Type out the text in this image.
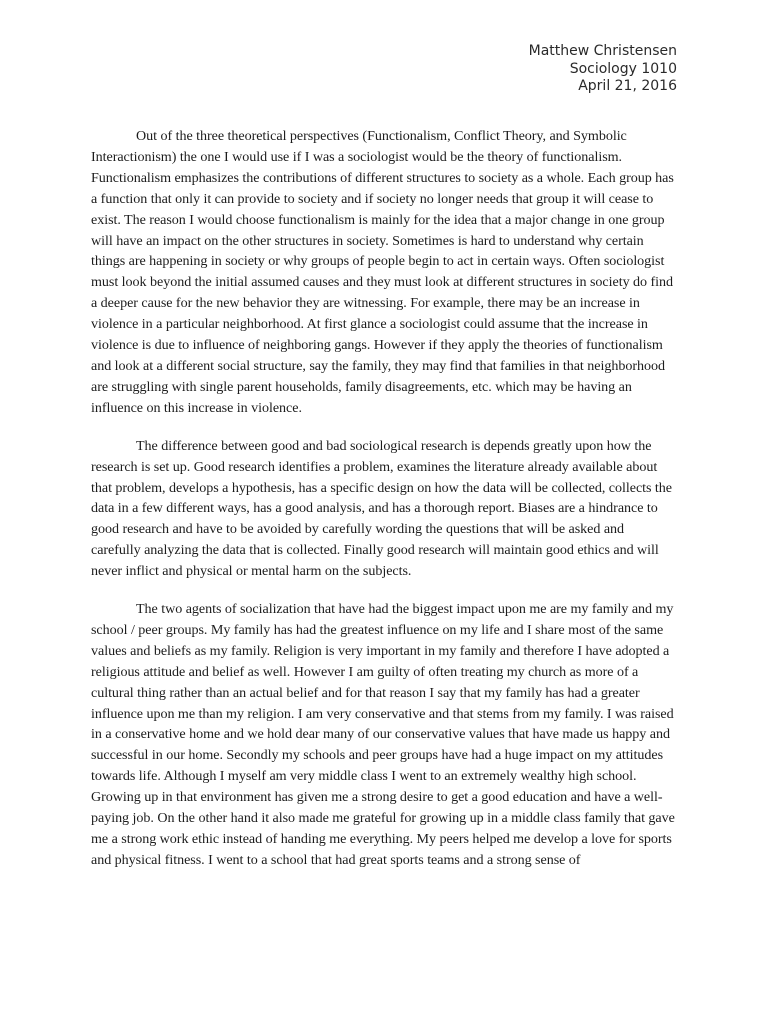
Matthew Christensen
Sociology 1010
April 21, 2016

Out of the three theoretical perspectives (Functionalism, Conflict Theory, and Symbolic Interactionism) the one I would use if I was a sociologist would be the theory of functionalism. Functionalism emphasizes the contributions of different structures to society as a whole. Each group has a function that only it can provide to society and if society no longer needs that group it will cease to exist. The reason I would choose functionalism is mainly for the idea that a major change in one group will have an impact on the other structures in society. Sometimes is hard to understand why certain things are happening in society or why groups of people begin to act in certain ways. Often sociologist must look beyond the initial assumed causes and they must look at different structures in society do find a deeper cause for the new behavior they are witnessing. For example, there may be an increase in violence in a particular neighborhood. At first glance a sociologist could assume that the increase in violence is due to influence of neighboring gangs. However if they apply the theories of functionalism and look at a different social structure, say the family, they may find that families in that neighborhood are struggling with single parent households, family disagreements, etc. which may be having an influence on this increase in violence.

The difference between good and bad sociological research is depends greatly upon how the research is set up. Good research identifies a problem, examines the literature already available about that problem, develops a hypothesis, has a specific design on how the data will be collected, collects the data in a few different ways, has a good analysis, and has a thorough report. Biases are a hindrance to good research and have to be avoided by carefully wording the questions that will be asked and carefully analyzing the data that is collected. Finally good research will maintain good ethics and will never inflict and physical or mental harm on the subjects.

The two agents of socialization that have had the biggest impact upon me are my family and my school / peer groups. My family has had the greatest influence on my life and I share most of the same values and beliefs as my family. Religion is very important in my family and therefore I have adopted a religious attitude and belief as well. However I am guilty of often treating my church as more of a cultural thing rather than an actual belief and for that reason I say that my family has had a greater influence upon me than my religion. I am very conservative and that stems from my family. I was raised in a conservative home and we hold dear many of our conservative values that have made us happy and successful in our home. Secondly my schools and peer groups have had a huge impact on my attitudes towards life. Although I myself am very middle class I went to an extremely wealthy high school. Growing up in that environment has given me a strong desire to get a good education and have a well-paying job. On the other hand it also made me grateful for growing up in a middle class family that gave me a strong work ethic instead of handing me everything. My peers helped me develop a love for sports and physical fitness. I went to a school that had great sports teams and a strong sense of
